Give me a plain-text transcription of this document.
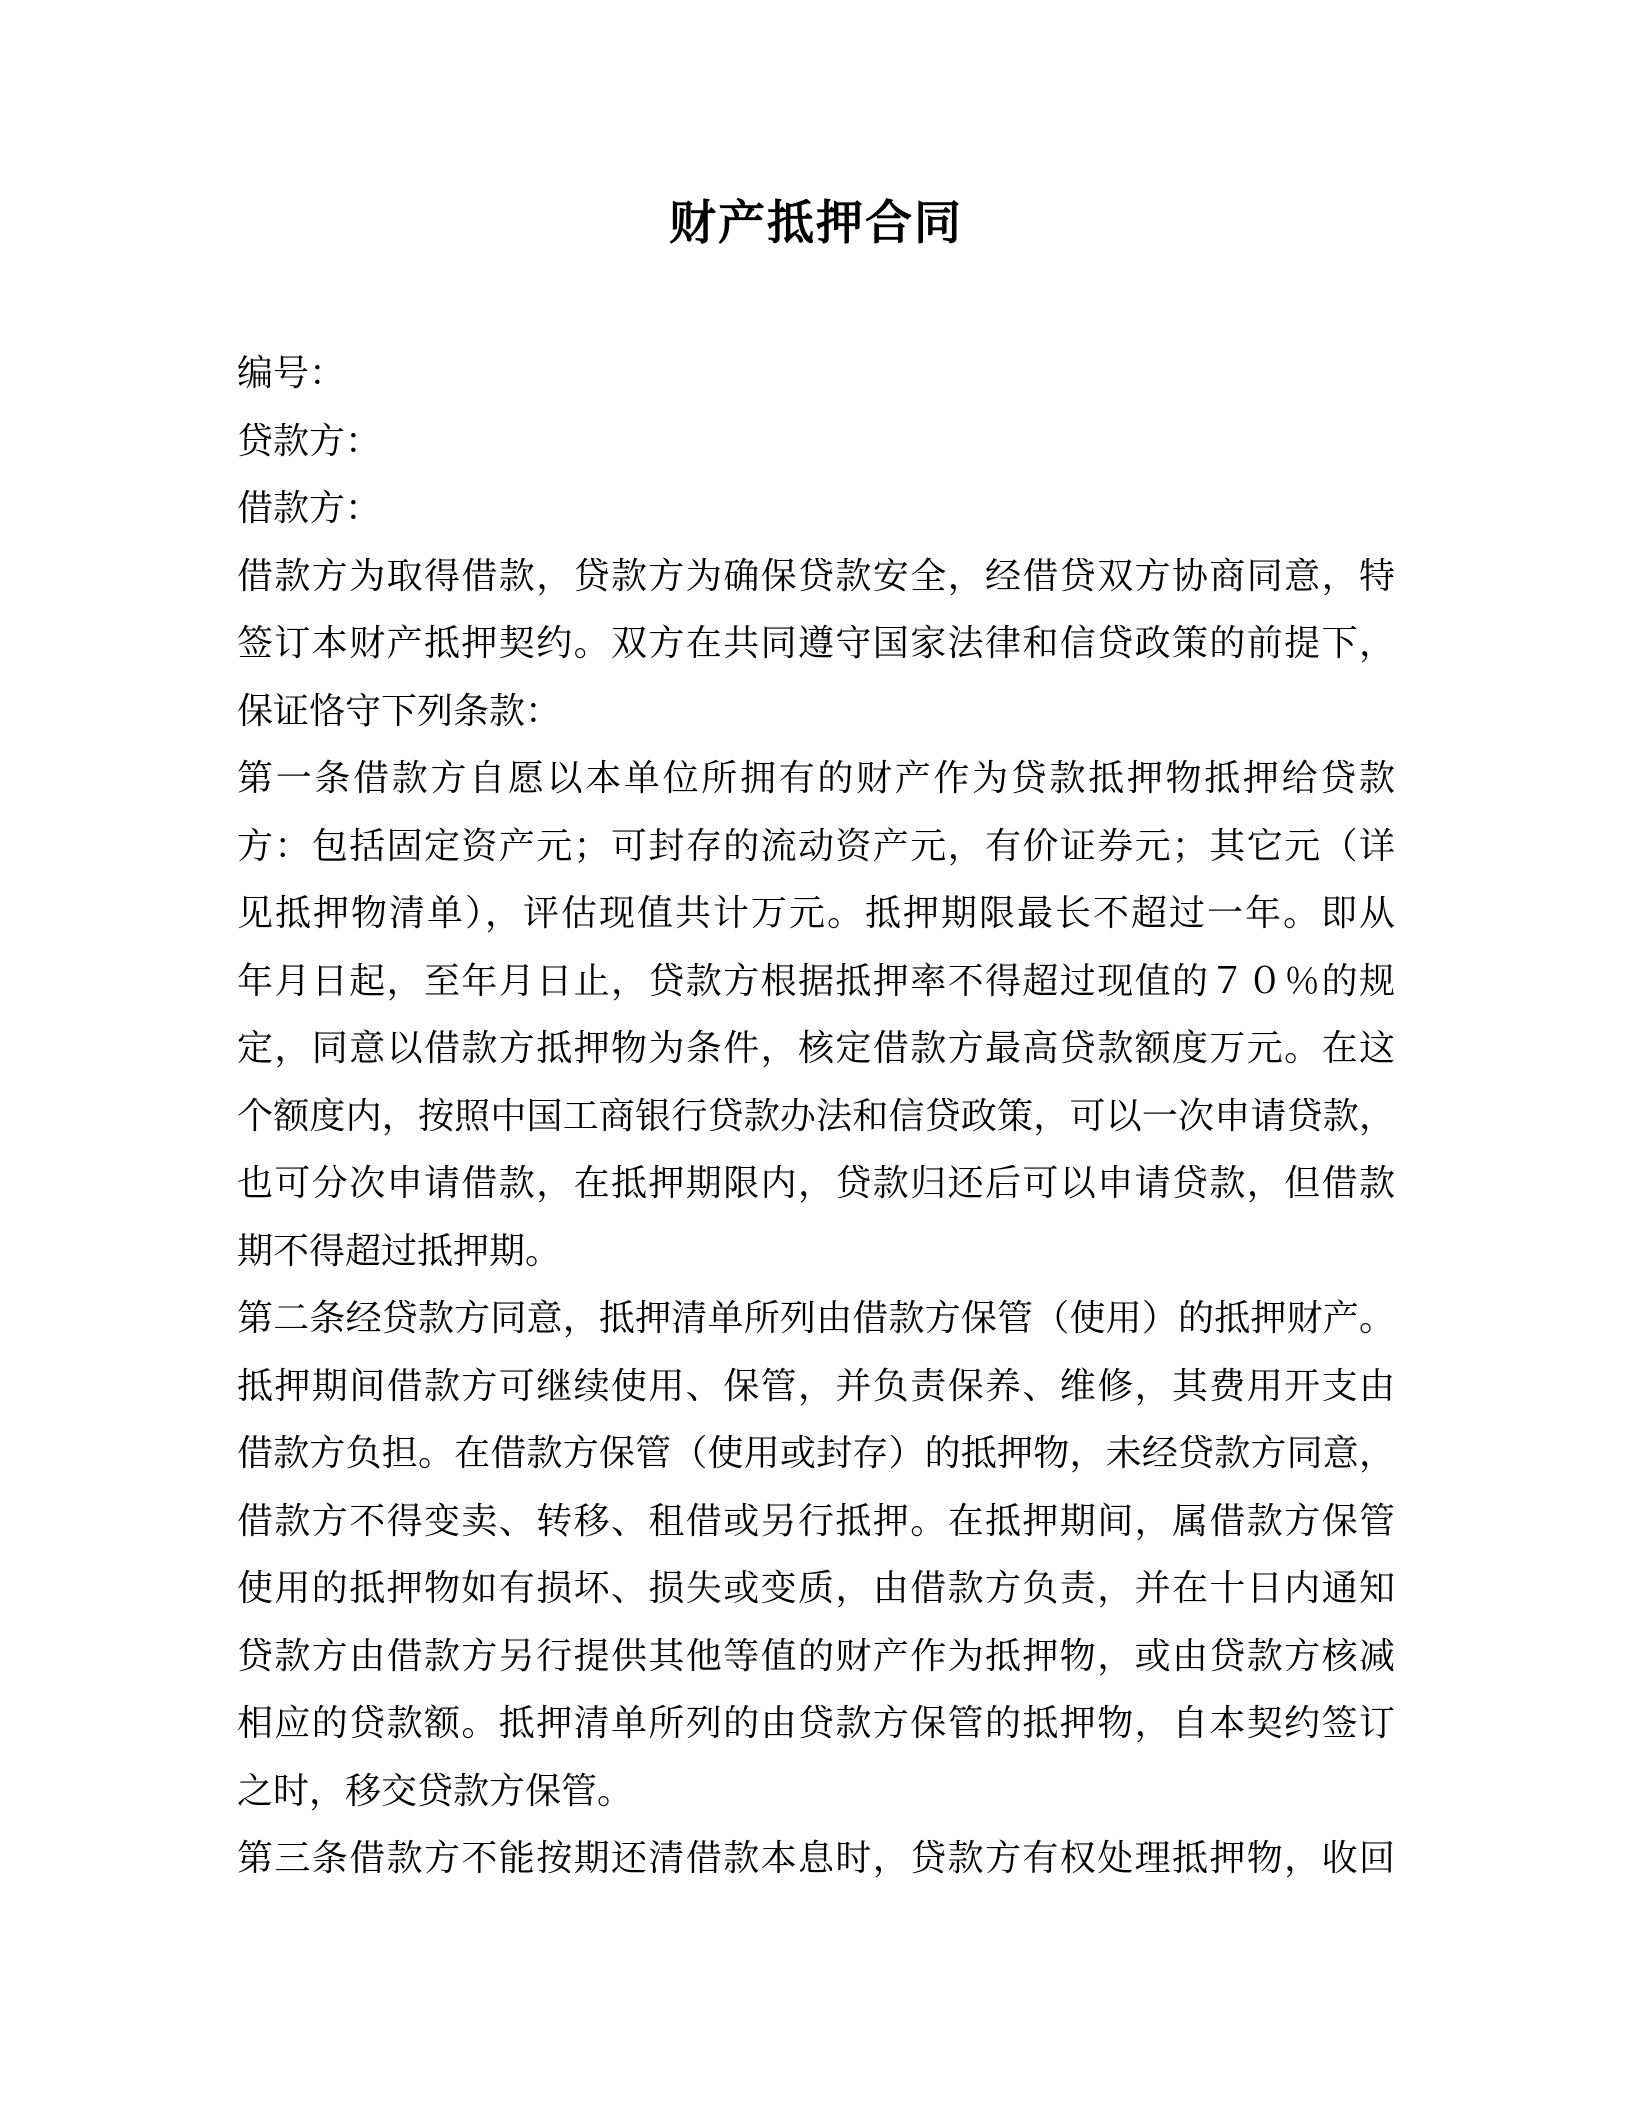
财产抵押合同
编号：
贷款方：
借款方：
借款方为取得借款，贷款方为确保贷款安全，经借贷双方协商同意，特
签订本财产抵押契约。双方在共同遵守国家法律和信贷政策的前提下，
保证恪守下列条款：
第一条借款方自愿以本单位所拥有的财产作为贷款抵押物抵押给贷款
方：包括固定资产元；可封存的流动资产元，有价证券元；其它元（详
见抵押物清单），评估现值共计万元。抵押期限最长不超过一年。即从
年月日起，至年月日止，贷款方根据抵押率不得超过现值的７０％的规
定，同意以借款方抵押物为条件，核定借款方最高贷款额度万元。在这
个额度内，按照中国工商银行贷款办法和信贷政策，可以一次申请贷款，
也可分次申请借款，在抵押期限内，贷款归还后可以申请贷款，但借款
期不得超过抵押期。
第二条经贷款方同意，抵押清单所列由借款方保管（使用）的抵押财产。
抵押期间借款方可继续使用、保管，并负责保养、维修，其费用开支由
借款方负担。在借款方保管（使用或封存）的抵押物，未经贷款方同意，
借款方不得变卖、转移、租借或另行抵押。在抵押期间，属借款方保管
使用的抵押物如有损坏、损失或变质，由借款方负责，并在十日内通知
贷款方由借款方另行提供其他等值的财产作为抵押物，或由贷款方核减
相应的贷款额。抵押清单所列的由贷款方保管的抵押物，自本契约签订
之时，移交贷款方保管。
第三条借款方不能按期还清借款本息时，贷款方有权处理抵押物，收回
